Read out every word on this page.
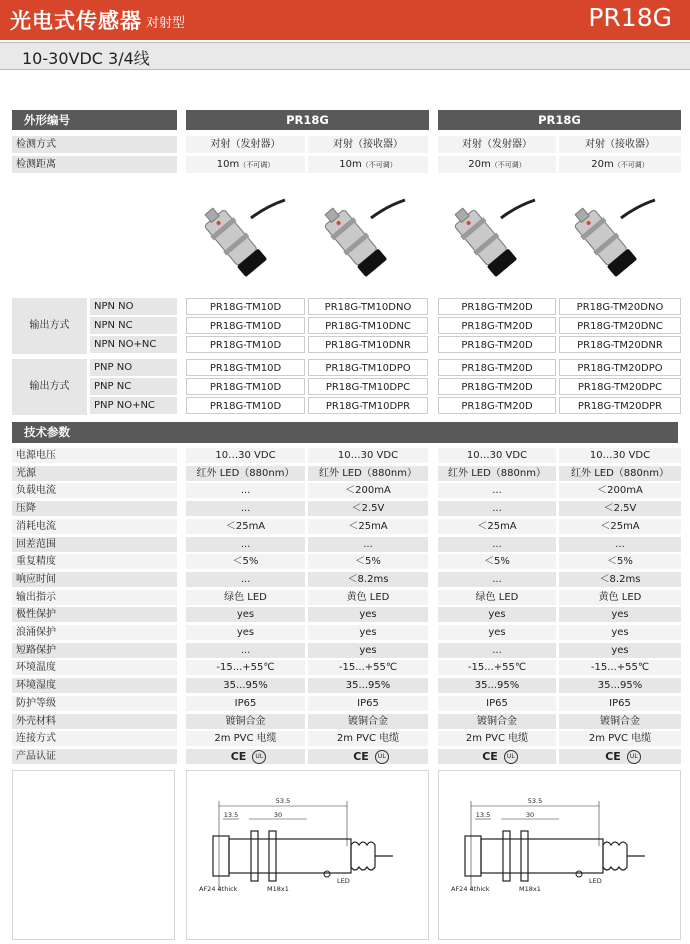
光电式传感器 对射型	PR18G
10-30VDC 3/4线
外形编号	PR18G	PR18G
检测方式	对射（发射器）	对射（接收器）	对射（发射器）	对射（接收器）
检测距离	10m（不可调）	10m（不可调）	20m（不可调）	20m（不可调）
输出方式
NPN NO	PR18G-TM10D	PR18G-TM10DNO	PR18G-TM20D	PR18G-TM20DNO
NPN NC	PR18G-TM10D	PR18G-TM10DNC	PR18G-TM20D	PR18G-TM20DNC
NPN NO+NC	PR18G-TM10D	PR18G-TM10DNR	PR18G-TM20D	PR18G-TM20DNR
输出方式
PNP NO	PR18G-TM10D	PR18G-TM10DPO	PR18G-TM20D	PR18G-TM20DPO
PNP NC	PR18G-TM10D	PR18G-TM10DPC	PR18G-TM20D	PR18G-TM20DPC
PNP NO+NC	PR18G-TM10D	PR18G-TM10DPR	PR18G-TM20D	PR18G-TM20DPR
技术参数
电源电压	10…30 VDC	10…30 VDC	10…30 VDC	10…30 VDC
光源	红外 LED（880nm）	红外 LED（880nm）	红外 LED（880nm）	红外 LED（880nm）
负载电流	...	＜200mA	...	＜200mA
压降	...	＜2.5V	...	＜2.5V
消耗电流	＜25mA	＜25mA	＜25mA	＜25mA
回差范围	...	...	...	...
重复精度	＜5%	＜5%	＜5%	＜5%
响应时间	...	＜8.2ms	...	＜8.2ms
输出指示	绿色 LED	黄色 LED	绿色 LED	黄色 LED
极性保护	yes	yes	yes	yes
浪涌保护	yes	yes	yes	yes
短路保护	...	yes	...	yes
环境温度	-15...+55℃	-15...+55℃	-15...+55℃	-15...+55℃
环境湿度	35...95%	35...95%	35...95%	35...95%
防护等级	IP65	IP65	IP65	IP65
外壳材料	镀铜合金	镀铜合金	镀铜合金	镀铜合金
连接方式	2m PVC 电缆	2m PVC 电缆	2m PVC 电缆	2m PVC 电缆
产品认证	CE UL	CE UL	CE UL	CE UL
53.5
13.5	30
AF24 4thick	M18x1
LED
53.5
13.5	30
AF24 4thick	M18x1
LED
